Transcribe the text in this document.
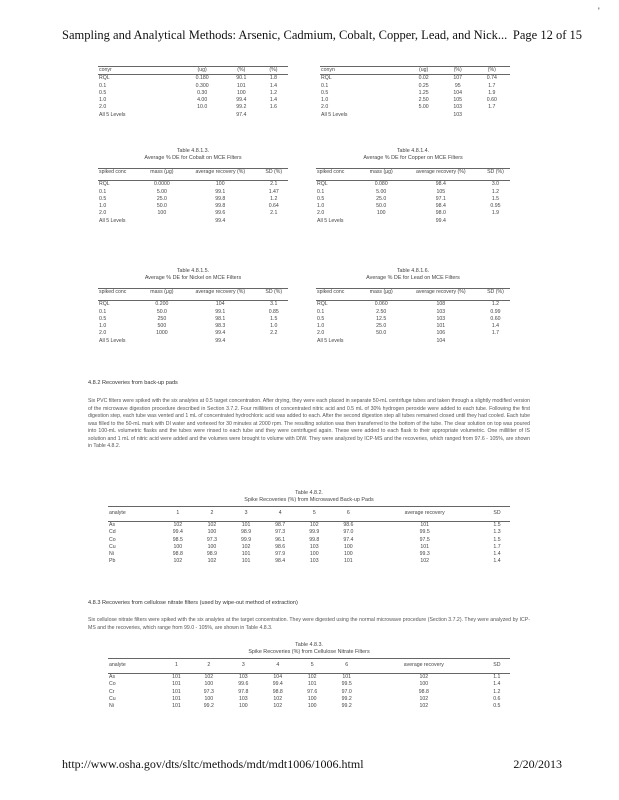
Sampling and Analytical Methods: Arsenic, Cadmium, Cobalt, Copper, Lead, and Nick... Page 12 of 15
'
conyr	(ug)	(%)	(%)
RQL	0.180	90.1	1.8
0.1	0.300	101	1.4
0.5	0.30	100	1.2
1.0	4.00	99.4	1.4
2.0	10.0	99.2	1.6
All 5 Levels		97.4	
conyn	(ug)	(%)	(%)
RQL	0.02	107	0.74
0.1	0.25	95	1.7
0.5	1.25	104	1.9
1.0	2.50	105	0.60
2.0	5.00	103	1.7
All 5 Levels		103	
Table 4.8.1.3.
Average % DE for Cobalt on MCE Filters
spiked conc	mass (μg)	average recovery (%)	SD (%)

RQL	0.0000	100	2.1
0.1	5.00	99.1	1.47
0.5	25.0	99.8	1.2
1.0	50.0	99.8	0.64
2.0	100	99.6	2.1
All 5 Levels		99.4	
Table 4.8.1.4.
Average % DE for Copper on MCE Filters
spiked conc	mass (μg)	average recovery (%)	SD (%)

RQL	0.080	98.4	3.0
0.1	5.00	105	1.2
0.5	25.0	97.1	1.5
1.0	50.0	98.4	0.95
2.0	100	98.0	1.9
All 5 Levels		99.4	
Table 4.8.1.5.
Average % DE for Nickel on MCE Filters
spiked conc	mass (μg)	average recovery (%)	SD (%)

RQL	0.200	104	3.1
0.1	50.0	99.1	0.85
0.5	250	98.1	1.5
1.0	500	98.3	1.0
2.0	1000	99.4	2.2
All 5 Levels		99.4	
Table 4.8.1.6.
Average % DE for Lead on MCE Filters
spiked conc	mass (μg)	average recovery (%)	SD (%)

RQL	0.060	108	1.2
0.1	2.50	103	0.99
0.5	12.5	103	0.60
1.0	25.0	101	1.4
2.0	50.0	106	1.7
All 5 Levels		104	
4.8.2 Recoveries from back-up pads
Six PVC filters were spiked with the six analytes at 0.5 target concentration. After drying, they were each placed in separate 50-mL centrifuge tubes and taken through a slightly modified version of the microwave digestion procedure described in Section 3.7.2. Four milliliters of concentrated nitric acid and 0.5 mL of 30% hydrogen peroxide were added to each tube. Following the first digestion step, each tube was vented and 1 mL of concentrated hydrochloric acid was added to each. After the second digestion step all tubes remained closed until they had cooled. Each tube was filled to the 50-mL mark with DI water and vortexed for 30 minutes at 2000 rpm. The resulting solution was then transferred to the bottom of the tube. The clear solution on top was poured into 100-mL volumetric flasks and the tubes were rinsed to each tube and they were centrifuged again. These were added to each flask to their appropriate volumetric. One milliliter of IS solution and 1 mL of nitric acid were added and the volumes were brought to volume with DIW. They were analyzed by ICP-MS and the recoveries, which ranged from 97.6 - 105%, are shown in Table 4.8.2.
Table 4.8.2.
Spike Recoveries (%) from Microwaved Back-up Pads
analyte	1	2	3	4	5	6	average recovery	SD
As	102	102	101	98.7	102	98.6	101	1.5
Cd	99.4	100	98.9	97.3	99.9	97.0	99.5	1.3
Co	98.5	97.3	99.9	96.1	99.8	97.4	97.5	1.5
Cu	100	100	102	98.6	103	100	101	1.7
Ni	98.8	98.9	101	97.9	100	100	99.3	1.4
Pb	102	102	101	98.4	103	101	102	1.4
4.8.3 Recoveries from cellulose nitrate filters (used by wipe-out method of extraction)
Six cellulose nitrate filters were spiked with the six analytes at the target concentration. They were digested using the normal microwave procedure (Section 3.7.2). They were analyzed by ICP-MS and the recoveries, which range from 99.0 - 105%, are shown in Table 4.8.3.
Table 4.8.3.
Spike Recoveries (%) from Cellulose Nitrate Filters
analyte	1	2	3	4	5	6	average recovery	SD
As	101	102	103	104	102	101	102	1.1
Co	101	100	99.6	99.4	101	99.5	100	1.4
Cr	101	97.3	97.8	98.8	97.6	97.0	98.8	1.2
Cu	101	100	103	102	100	99.2	102	0.6
Ni	101	99.2	100	102	100	99.2	102	0.5
http://www.osha.gov/dts/sltc/methods/mdt/mdt1006/1006.html	2/20/2013
